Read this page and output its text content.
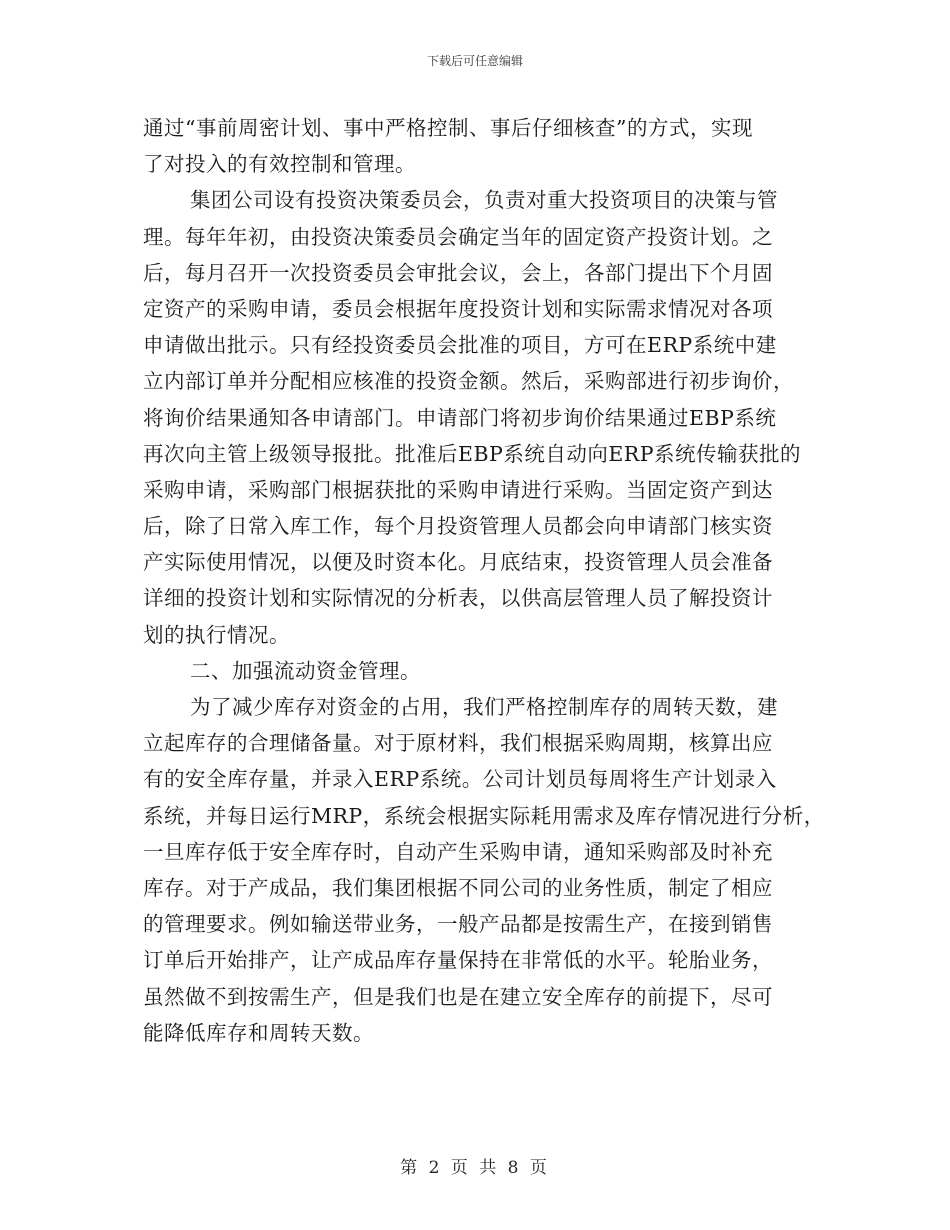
下载后可任意编辑
通过“事前周密计划、事中严格控制、事后仔细核查”的方式，实现
了对投入的有效控制和管理。
集团公司设有投资决策委员会，负责对重大投资项目的决策与管
理。每年年初，由投资决策委员会确定当年的固定资产投资计划。之
后，每月召开一次投资委员会审批会议，会上，各部门提出下个月固
定资产的采购申请，委员会根据年度投资计划和实际需求情况对各项
申请做出批示。只有经投资委员会批准的项目，方可在ERP系统中建
立内部订单并分配相应核准的投资金额。然后，采购部进行初步询价，
将询价结果通知各申请部门。申请部门将初步询价结果通过EBP系统
再次向主管上级领导报批。批准后EBP系统自动向ERP系统传输获批的
采购申请，采购部门根据获批的采购申请进行采购。当固定资产到达
后，除了日常入库工作，每个月投资管理人员都会向申请部门核实资
产实际使用情况，以便及时资本化。月底结束，投资管理人员会准备
详细的投资计划和实际情况的分析表，以供高层管理人员了解投资计
划的执行情况。
二、加强流动资金管理。
为了减少库存对资金的占用，我们严格控制库存的周转天数，建
立起库存的合理储备量。对于原材料，我们根据采购周期，核算出应
有的安全库存量，并录入ERP系统。公司计划员每周将生产计划录入
系统，并每日运行MRP，系统会根据实际耗用需求及库存情况进行分析，
一旦库存低于安全库存时，自动产生采购申请，通知采购部及时补充
库存。对于产成品，我们集团根据不同公司的业务性质，制定了相应
的管理要求。例如输送带业务，一般产品都是按需生产，在接到销售
订单后开始排产，让产成品库存量保持在非常低的水平。轮胎业务，
虽然做不到按需生产，但是我们也是在建立安全库存的前提下，尽可
能降低库存和周转天数。
第 2 页 共 8 页
